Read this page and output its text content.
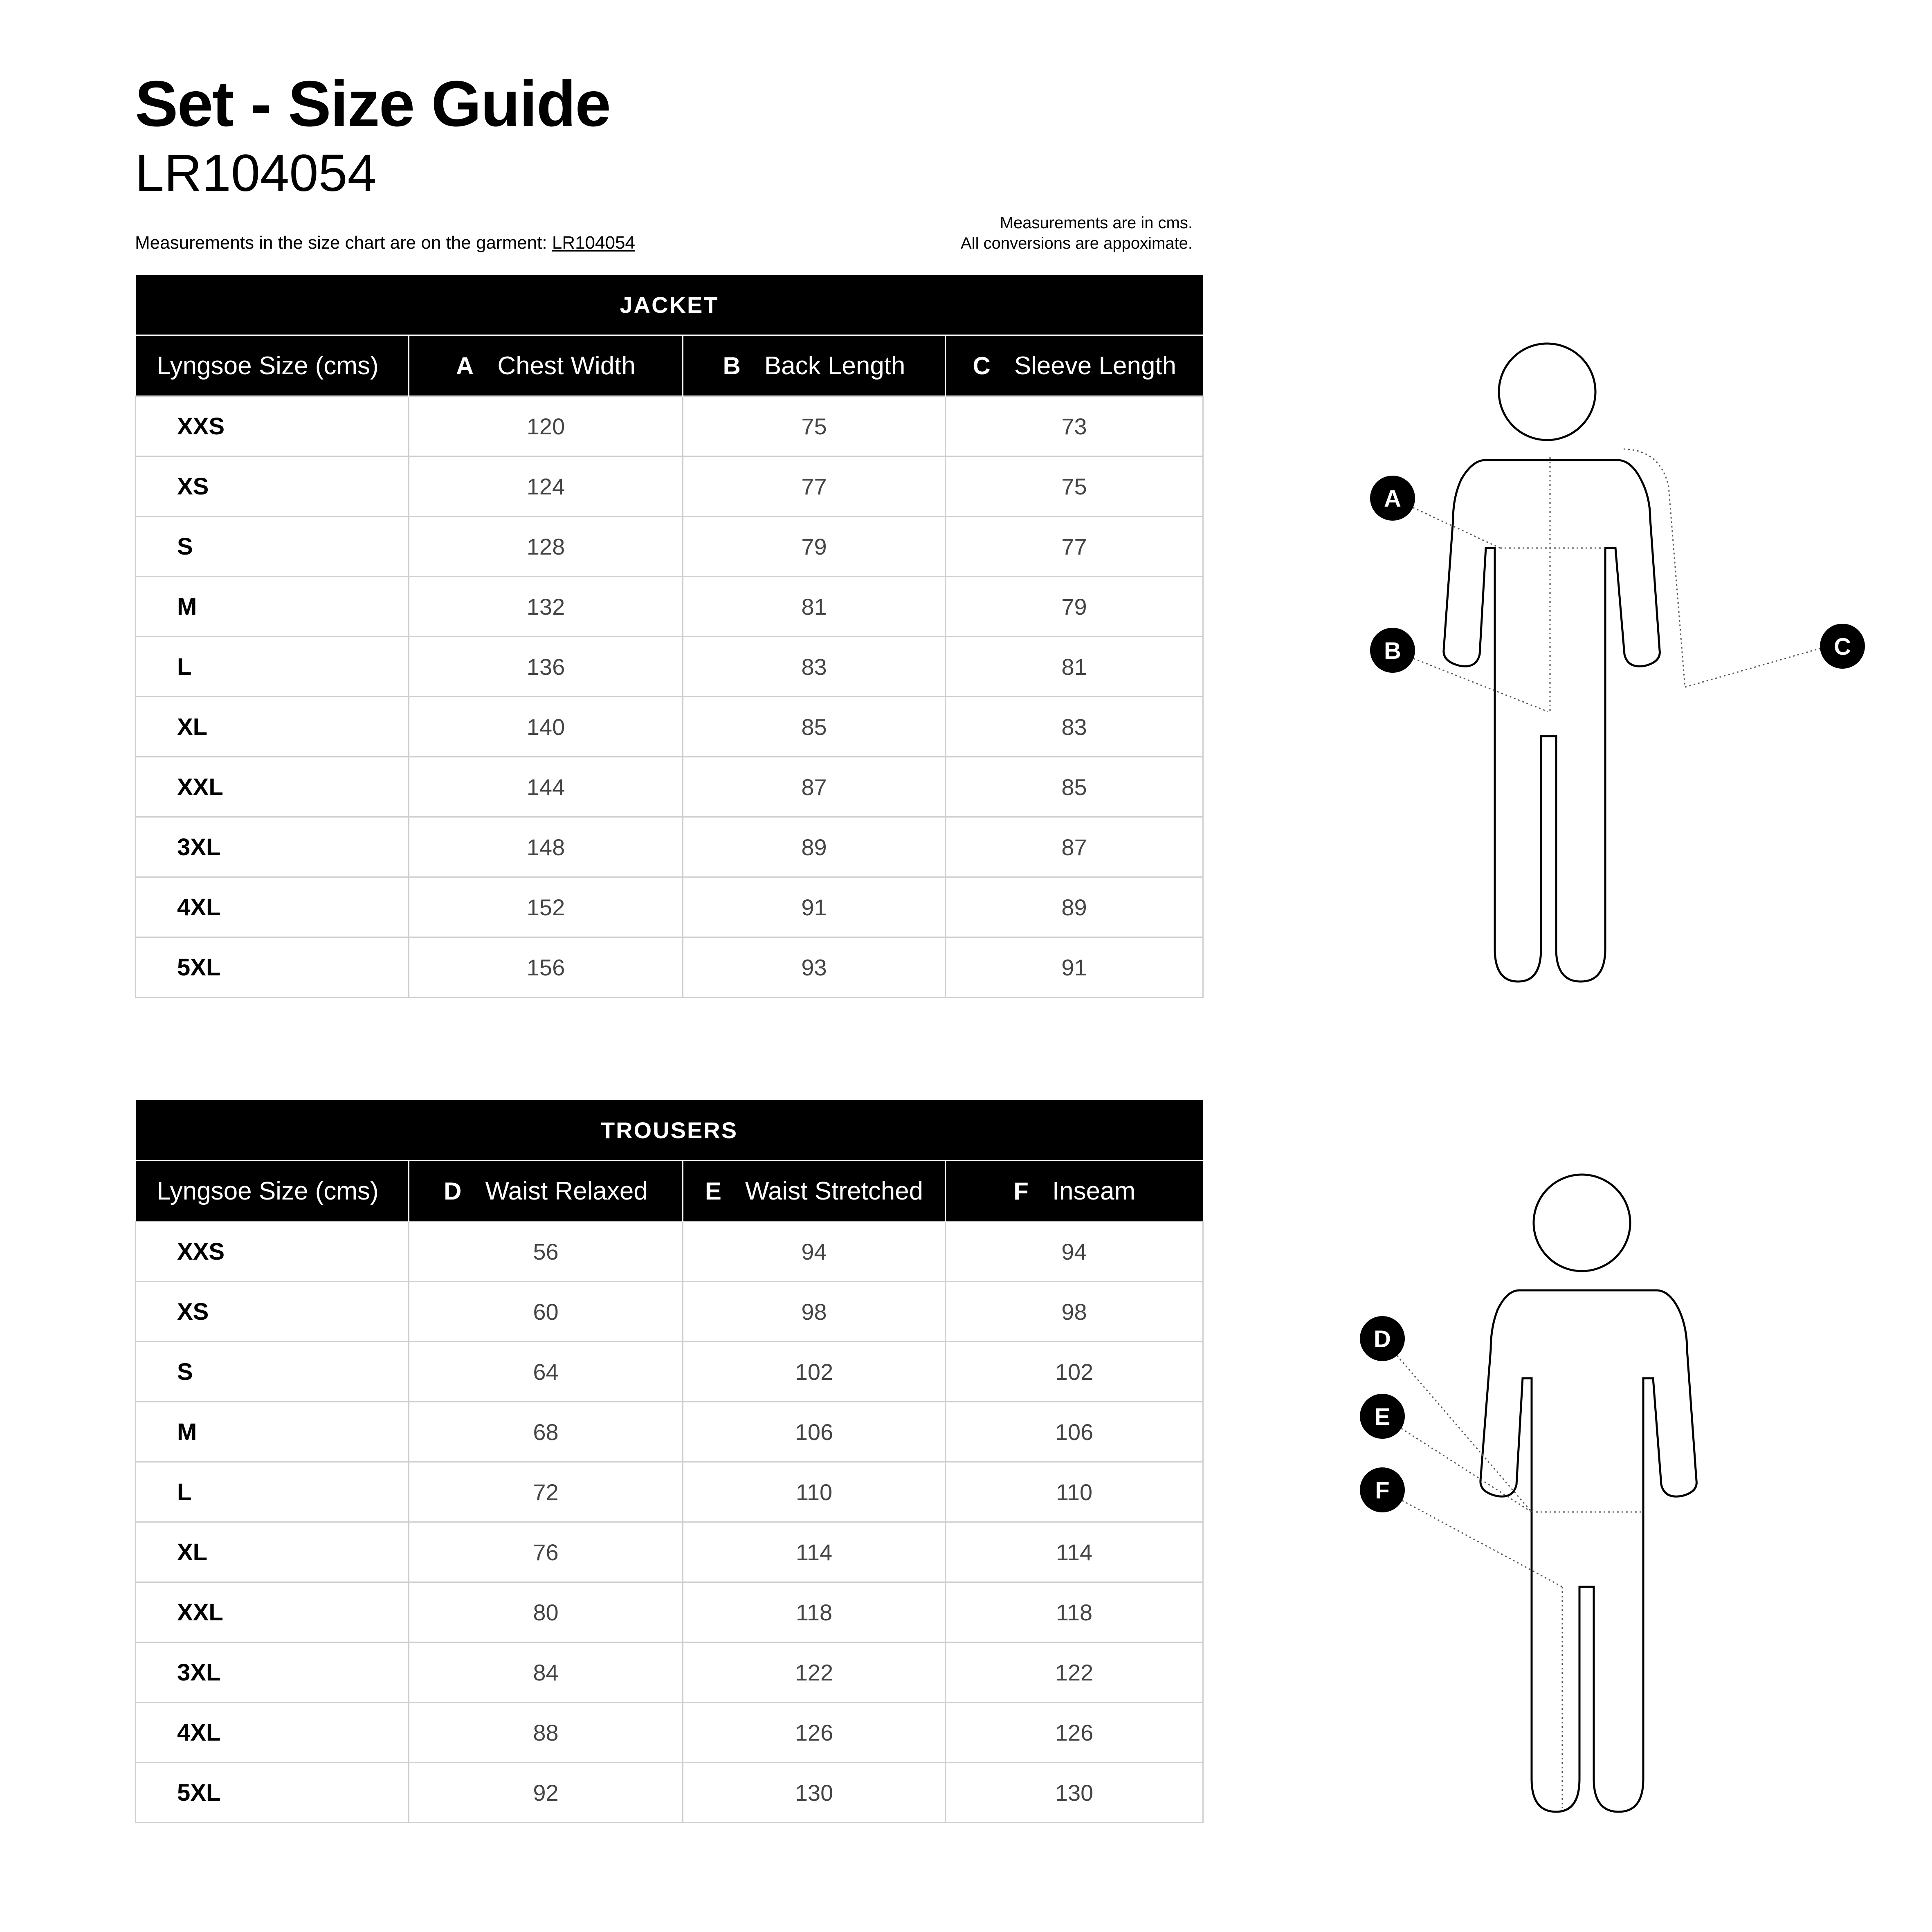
Set - Size Guide
LR104054
Measurements in the size chart are on the garment: LR104054
Measurements are in cms.
All conversions are appoximate.
JACKET			
Lyngsoe Size (cms)	A Chest Width	B Back Length	C Sleeve Length
XXS	120	75	73
XS	124	77	75
S	128	79	77
M	132	81	79
L	136	83	81
XL	140	85	83
XXL	144	87	85
3XL	148	89	87
4XL	152	91	89
5XL	156	93	91
TROUSERS			
Lyngsoe Size (cms)	D Waist Relaxed	E Waist Stretched	F Inseam
XXS	56	94	94
XS	60	98	98
S	64	102	102
M	68	106	106
L	72	110	110
XL	76	114	114
XXL	80	118	118
3XL	84	122	122
4XL	88	126	126
5XL	92	130	130
A
B	C
D
E
F
